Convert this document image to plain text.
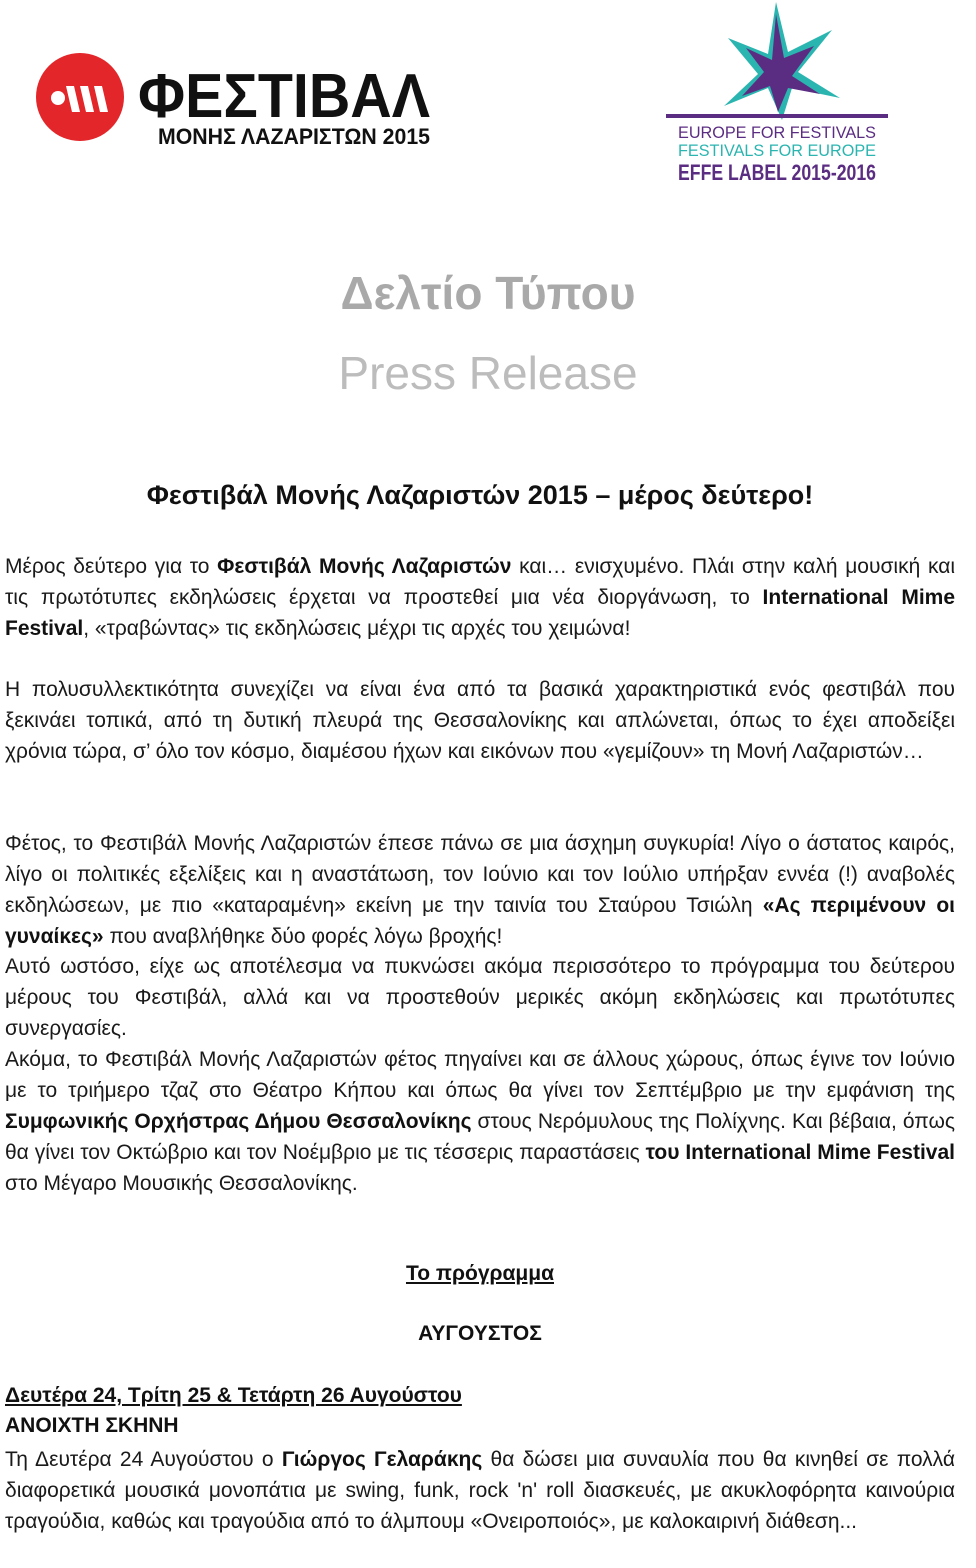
ΦΕΣΤΙΒΑΛ
ΜΟΝΗΣ ΛΑΖΑΡΙΣΤΩΝ 2015	EUROPE FOR FESTIVALS
FESTIVALS FOR EUROPE
EFFE LABEL 2015-2016
Δελτίο Τύπου
Press Release
Φεστιβάλ Μονής Λαζαριστών 2015 – μέρος δεύτερο!
Μέρος δεύτερο για το Φεστιβάλ Μονής Λαζαριστών και… ενισχυμένο. Πλάι στην καλή μουσική και τις πρωτότυπες εκδηλώσεις έρχεται να προστεθεί μια νέα διοργάνωση, το International Mime Festival, «τραβώντας» τις εκδηλώσεις μέχρι τις αρχές του χειμώνα!
Η πολυσυλλεκτικότητα συνεχίζει να είναι ένα από τα βασικά χαρακτηριστικά ενός φεστιβάλ που ξεκινάει τοπικά, από τη δυτική πλευρά της Θεσσαλονίκης και απλώνεται, όπως το έχει αποδείξει χρόνια τώρα, σ’ όλο τον κόσμο, διαμέσου ήχων και εικόνων που «γεμίζουν» τη Μονή Λαζαριστών…
Φέτος, το Φεστιβάλ Μονής Λαζαριστών έπεσε πάνω σε μια άσχημη συγκυρία! Λίγο ο άστατος καιρός, λίγο οι πολιτικές εξελίξεις και η αναστάτωση, τον Ιούνιο και τον Ιούλιο υπήρξαν εννέα (!) αναβολές εκδηλώσεων, με πιο «καταραμένη» εκείνη με την ταινία του Σταύρου Τσιώλη «Ας περιμένουν οι γυναίκες» που αναβλήθηκε δύο φορές λόγω βροχής!
Αυτό ωστόσο, είχε ως αποτέλεσμα να πυκνώσει ακόμα περισσότερο το πρόγραμμα του δεύτερου μέρους του Φεστιβάλ, αλλά και να προστεθούν μερικές ακόμη εκδηλώσεις και πρωτότυπες συνεργασίες.
Ακόμα, το Φεστιβάλ Μονής Λαζαριστών φέτος πηγαίνει και σε άλλους χώρους, όπως έγινε τον Ιούνιο με το τριήμερο τζαζ στο Θέατρο Κήπου και όπως θα γίνει τον Σεπτέμβριο με την εμφάνιση της Συμφωνικής Ορχήστρας Δήμου Θεσσαλονίκης στους Νερόμυλους της Πολίχνης. Και βέβαια, όπως θα γίνει τον Οκτώβριο και τον Νοέμβριο με τις τέσσερις παραστάσεις του International Mime Festival στο Μέγαρο Μουσικής Θεσσαλονίκης.
Το πρόγραμμα
ΑΥΓΟΥΣΤΟΣ
Δευτέρα 24, Τρίτη 25 & Τετάρτη 26 Αυγούστου
ΑΝΟΙΧΤΗ ΣΚΗΝΗ
Τη Δευτέρα 24 Αυγούστου ο Γιώργος Γελαράκης θα δώσει μια συναυλία που θα κινηθεί σε πολλά διαφορετικά μουσικά μονοπάτια με swing, funk, rock 'n' roll διασκευές, με ακυκλοφόρητα καινούρια τραγούδια, καθώς και τραγούδια από το άλμπουμ «Ονειροποιός», με καλοκαιρινή διάθεση...
